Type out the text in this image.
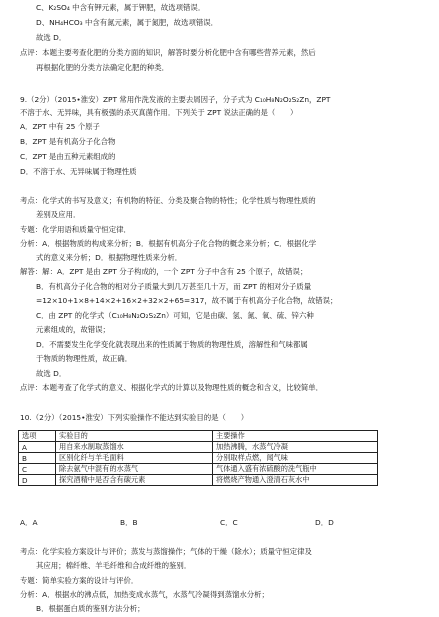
C、K₂SO₄ 中含有钾元素，属于钾肥，故选项错误．
D、NH₄HCO₃ 中含有氮元素，属于氮肥，故选项错误．
故选 D．
点评：本题主要考查化肥的分类方面的知识，解答时要分析化肥中含有哪些营养元素，然后
再根据化肥的分类方法确定化肥的种类．
9.（2分）（2015•淮安）ZPT 常用作洗发液的主要去屑因子，分子式为 C₁₀H₈N₂O₂S₂Zn，ZPT
不溶于水、无异味，具有极强的杀灭真菌作用．下列关于 ZPT 说法正确的是（　　）
A．ZPT 中有 25 个原子
B．ZPT 是有机高分子化合物
C．ZPT 是由五种元素组成的
D．不溶于水、无异味属于物理性质
考点：化学式的书写及意义；有机物的特征、分类及聚合物的特性；化学性质与物理性质的
差别及应用．
专题：化学用语和质量守恒定律．
分析：A．根据物质的构成来分析；B．根据有机高分子化合物的概念来分析；C．根据化学
式的意义来分析；D．根据物理性质来分析．
解答：解：A．ZPT 是由 ZPT 分子构成的，一个 ZPT 分子中含有 25 个原子，故错误；
B．有机高分子化合物的相对分子质量大到几万甚至几十万，而 ZPT 的相对分子质量
=12×10+1×8+14×2+16×2+32×2+65=317，故不属于有机高分子化合物，故错误；
C．由 ZPT 的化学式（C₁₀H₈N₂O₂S₂Zn）可知，它是由碳、氢、氮、氧、硫、锌六种
元素组成的，故错误；
D．不需要发生化学变化就表现出来的性质属于物质的物理性质，溶解性和气味都属
于物质的物理性质，故正确．
故选 D．
点评：本题考查了化学式的意义、根据化学式的计算以及物理性质的概念和含义，比较简单．
10.（2分）（2015•淮安）下列实验操作不能达到实验目的是（　　）
考点：化学实验方案设计与评价；蒸发与蒸馏操作；气体的干燥（除水）；质量守恒定律及
其应用；棉纤维、羊毛纤维和合成纤维的鉴别．
专题：简单实验方案的设计与评价．
分析：A．根据水的沸点低，加热变成水蒸气，水蒸气冷凝得到蒸馏水分析；
B．根据蛋白质的鉴别方法分析；
选项	实验目的	主要操作
A	用自来水制取蒸馏水	加热沸腾，水蒸气冷凝
B	区别化纤与羊毛面料	分别取样点燃，闻气味
C	除去氨气中混有的水蒸气	气体通入盛有浓硫酸的洗气瓶中
D	探究酒精中是否含有碳元素	将燃烧产物通入澄清石灰水中
A．A	B．B	C．C	D．D
